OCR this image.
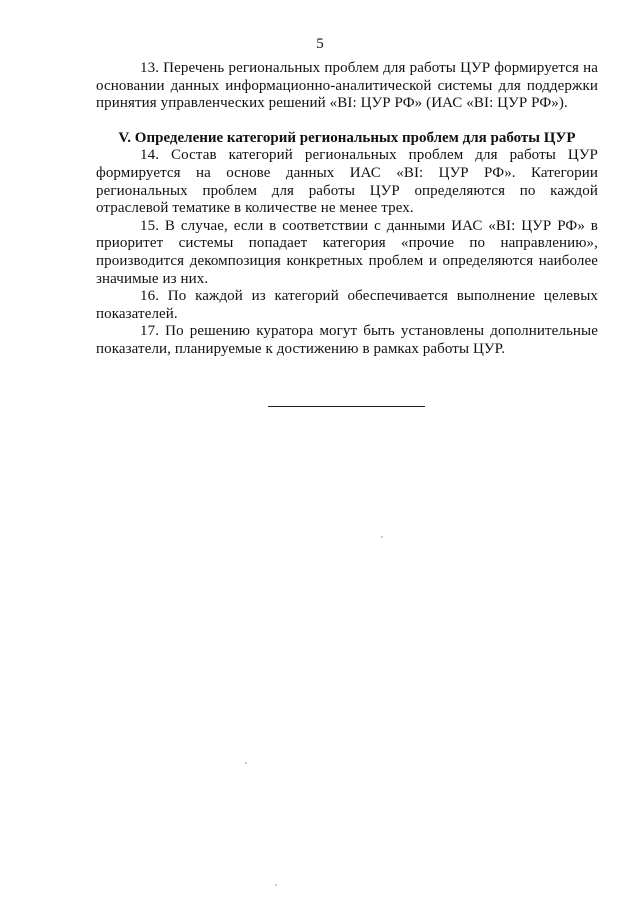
5

13. Перечень региональных проблем для работы ЦУР формируется на основании данных информационно-аналитической системы для поддержки принятия управленческих решений «BI: ЦУР РФ» (ИАС «BI: ЦУР РФ»).

V. Определение категорий региональных проблем для работы ЦУР

14. Состав категорий региональных проблем для работы ЦУР формируется на основе данных ИАС «BI: ЦУР РФ». Категории региональных проблем для работы ЦУР определяются по каждой отраслевой тематике в количестве не менее трех.

15. В случае, если в соответствии с данными ИАС «BI: ЦУР РФ» в приоритет системы попадает категория «прочие по направлению», производится декомпозиция конкретных проблем и определяются наиболее значимые из них.

16. По каждой из категорий обеспечивается выполнение целевых показателей.

17. По решению куратора могут быть установлены дополнительные показатели, планируемые к достижению в рамках работы ЦУР.
